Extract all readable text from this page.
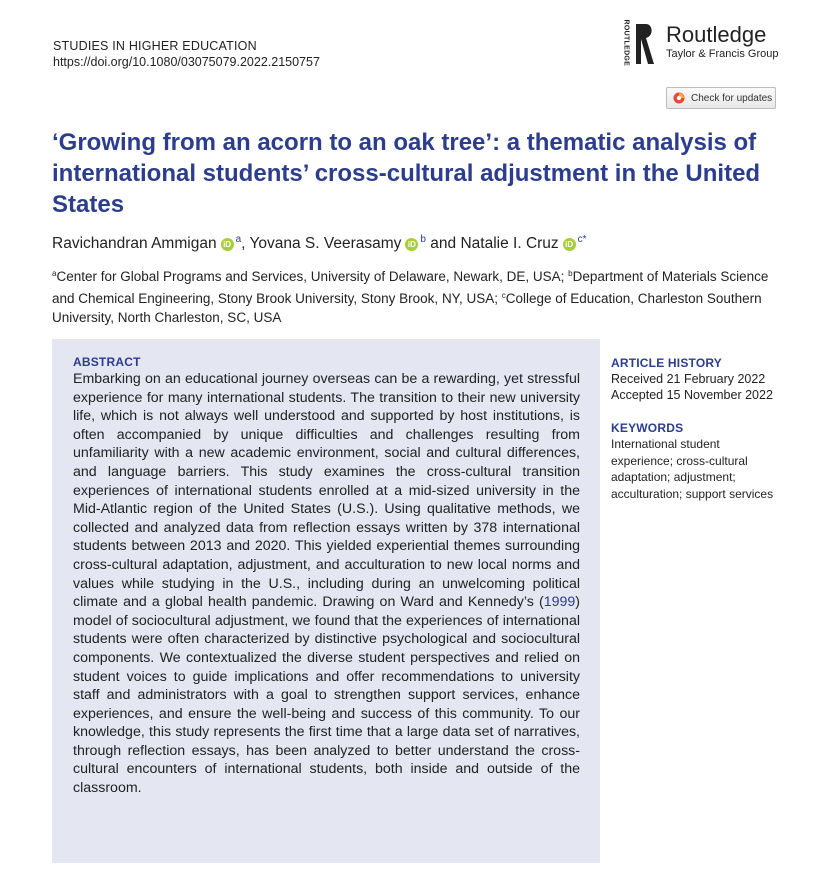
STUDIES IN HIGHER EDUCATION
https://doi.org/10.1080/03075079.2022.2150757	ROUTLEDGE Routledge
Taylor & Francis Group
Check for updates
‘Growing from an acorn to an oak tree’: a thematic analysis of international students’ cross-cultural adjustment in the United States
Ravichandran Ammigan iD $^a$, Yovana S. Veerasamy iD $^b$ and Natalie I. Cruz iD $^{c*}$
$^a$Center for Global Programs and Services, University of Delaware, Newark, DE, USA; $^b$Department of Materials Science and Chemical Engineering, Stony Brook University, Stony Brook, NY, USA; $^c$College of Education, Charleston Southern University, North Charleston, SC, USA
ABSTRACT

Embarking on an educational journey overseas can be a rewarding, yet stressful experience for many international students. The transition to their new university life, which is not always well understood and supported by host institutions, is often accompanied by unique difficulties and challenges resulting from unfamiliarity with a new academic environment, social and cultural differences, and language barriers. This study examines the cross-cultural transition experiences of international students enrolled at a mid-sized university in the Mid-Atlantic region of the United States (U.S.). Using qualitative methods, we collected and analyzed data from reflection essays written by 378 international students between 2013 and 2020. This yielded experiential themes surrounding cross-cultural adaptation, adjustment, and acculturation to new local norms and values while studying in the U.S., including during an unwelcoming political climate and a global health pandemic. Drawing on Ward and Kennedy’s (1999) model of sociocultural adjustment, we found that the experiences of international students were often characterized by distinctive psychological and sociocultural components. We contextualized the diverse student perspectives and relied on student voices to guide implications and offer recommendations to university staff and administrators with a goal to strengthen support services, enhance experiences, and ensure the well-being and success of this community. To our knowledge, this study represents the first time that a large data set of narratives, through reflection essays, has been analyzed to better understand the cross-cultural encounters of international students, both inside and outside of the classroom.

ARTICLE HISTORY
Received 21 February 2022
Accepted 15 November 2022
KEYWORDS
International student experience; cross-cultural adaptation; adjustment; acculturation; support services
